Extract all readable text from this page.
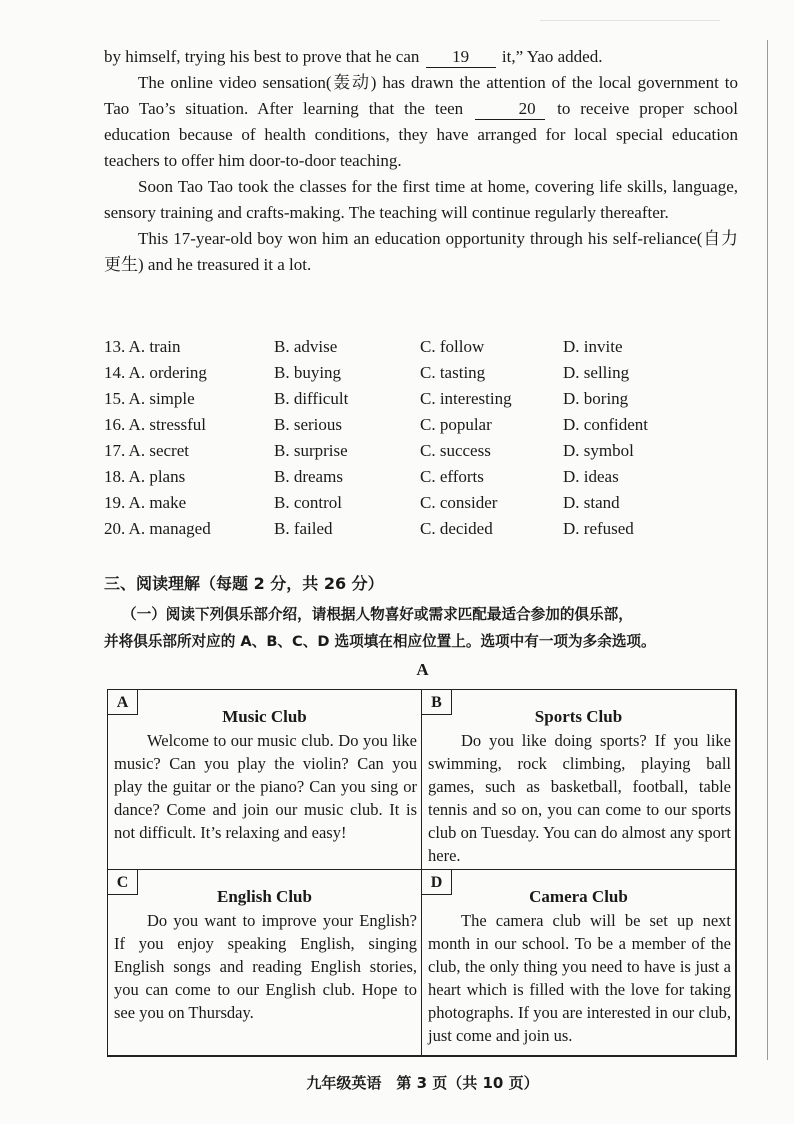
by himself, trying his best to prove that he can 19 it,” Yao added.

The online video sensation(轰动) has drawn the attention of the local government to Tao Tao’s situation. After learning that the teen	20 to receive proper school education because of health conditions, they have arranged for local special education teachers to offer him door-to-door teaching.

Soon Tao Tao took the classes for the first time at home, covering life skills, language, sensory training and crafts-making. The teaching will continue regularly thereafter.

This 17-year-old boy won him an education opportunity through his self-reliance(自力更生) and he treasured it a lot.

13. A. train	B. advise	C. follow	D. invite
14. A. ordering	B. buying	C. tasting	D. selling
15. A. simple	B. difficult	C. interesting	D. boring
16. A. stressful	B. serious	C. popular	D. confident
17. A. secret	B. surprise	C. success	D. symbol
18. A. plans	B. dreams	C. efforts	D. ideas
19. A. make	B. control	C. consider	D. stand
20. A. managed	B. failed	C. decided	D. refused
三、阅读理解（每题 2 分，共 26 分）
（一）阅读下列俱乐部介绍，请根据人物喜好或需求匹配最适合参加的俱乐部，
并将俱乐部所对应的 A、B、C、D 选项填在相应位置上。选项中有一项为多余选项。
A
A
Music Club
Welcome to our music club. Do you like music? Can you play the violin? Can you play the guitar or the piano? Can you sing or dance? Come and join our music club. It is not difficult. It’s relaxing and easy!
B
Sports Club
Do you like doing sports? If you like swimming, rock climbing, playing ball games, such as basketball, football, table tennis and so on, you can come to our sports club on Tuesday. You can do almost any sport here.
C
English Club
Do you want to improve your English? If you enjoy speaking English, singing English songs and reading English stories, you can come to our English club. Hope to see you on Thursday.
D
Camera Club
The camera club will be set up next month in our school. To be a member of the club, the only thing you need to have is just a heart which is filled with the love for taking photographs. If you are interested in our club, just come and join us.
九年级英语　第 3 页（共 10 页）
